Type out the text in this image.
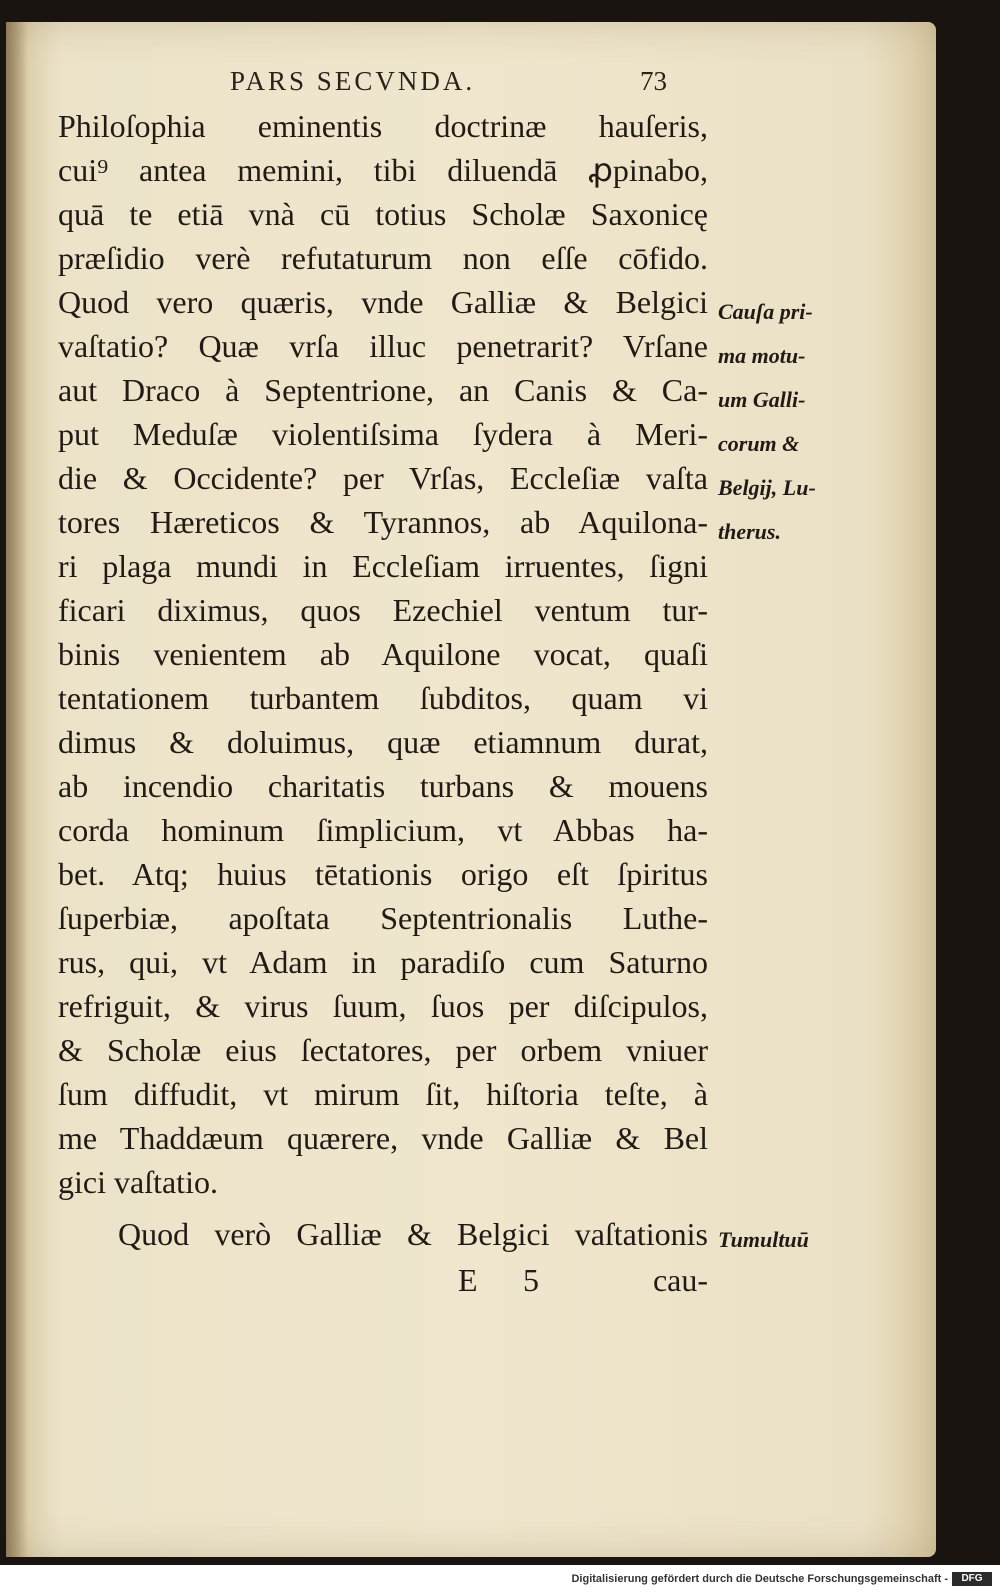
PARS SECVNDA.	73

Philoſophia eminentis doctrinæ hauſeris,

cui⁹ antea memini, tibi diluendā ꝓpinabo,

quā te etiā vnà cū totius Scholæ Saxonicę

præſidio verè refutaturum non eſſe cōfido.

Quod vero quæris, vnde Galliæ & Belgici

vaſtatio? Quæ vrſa illuc penetrarit? Vrſane

aut Draco à Septentrione, an Canis & Ca-

put Meduſæ violentiſsima ſydera à Meri-

die & Occidente? per Vrſas, Eccleſiæ vaſta

tores Hæreticos & Tyrannos, ab Aquilona-

ri plaga mundi in Eccleſiam irruentes, ſigni

ficari diximus, quos Ezechiel ventum tur-

binis venientem ab Aquilone vocat, quaſi

tentationem turbantem ſubditos, quam vi

dimus & doluimus, quæ etiamnum durat,

ab incendio charitatis turbans & mouens

corda hominum ſimplicium, vt Abbas ha-

bet. Atq; huius tētationis origo eſt ſpiritus

ſuperbiæ, apoſtata Septentrionalis Luthe-

rus, qui, vt Adam in paradiſo cum Saturno

refriguit, & virus ſuum, ſuos per diſcipulos,

& Scholæ eius ſectatores, per orbem vniuer

ſum diffudit, vt mirum ſit, hiſtoria teſte, à

me Thaddæum quærere, vnde Galliæ & Bel

gici vaſtatio.

Quod verò Galliæ & Belgici vaſtationis

Cauſa pri-

ma motu-

um Galli-

corum &

Belgij, Lu-

therus.

Tumultuū

E 5	cau-
Digitalisierung gefördert durch die Deutsche Forschungsgemeinschaft -	DFG
